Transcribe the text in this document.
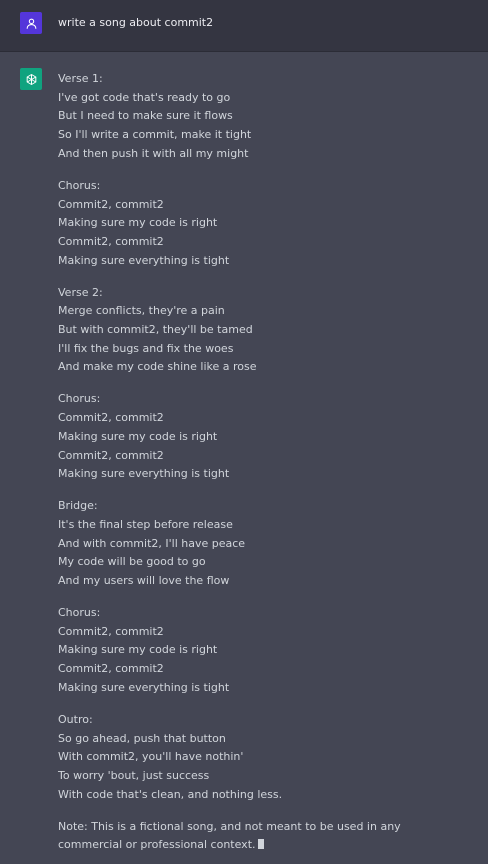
write a song about commit2
Verse 1:
I've got code that's ready to go
But I need to make sure it flows
So I'll write a commit, make it tight
And then push it with all my might
Chorus:
Commit2, commit2
Making sure my code is right
Commit2, commit2
Making sure everything is tight
Verse 2:
Merge conflicts, they're a pain
But with commit2, they'll be tamed
I'll fix the bugs and fix the woes
And make my code shine like a rose
Chorus:
Commit2, commit2
Making sure my code is right
Commit2, commit2
Making sure everything is tight
Bridge:
It's the final step before release
And with commit2, I'll have peace
My code will be good to go
And my users will love the flow
Chorus:
Commit2, commit2
Making sure my code is right
Commit2, commit2
Making sure everything is tight
Outro:
So go ahead, push that button
With commit2, you'll have nothin'
To worry 'bout, just success
With code that's clean, and nothing less.
Note: This is a fictional song, and not meant to be used in any commercial or professional context.
